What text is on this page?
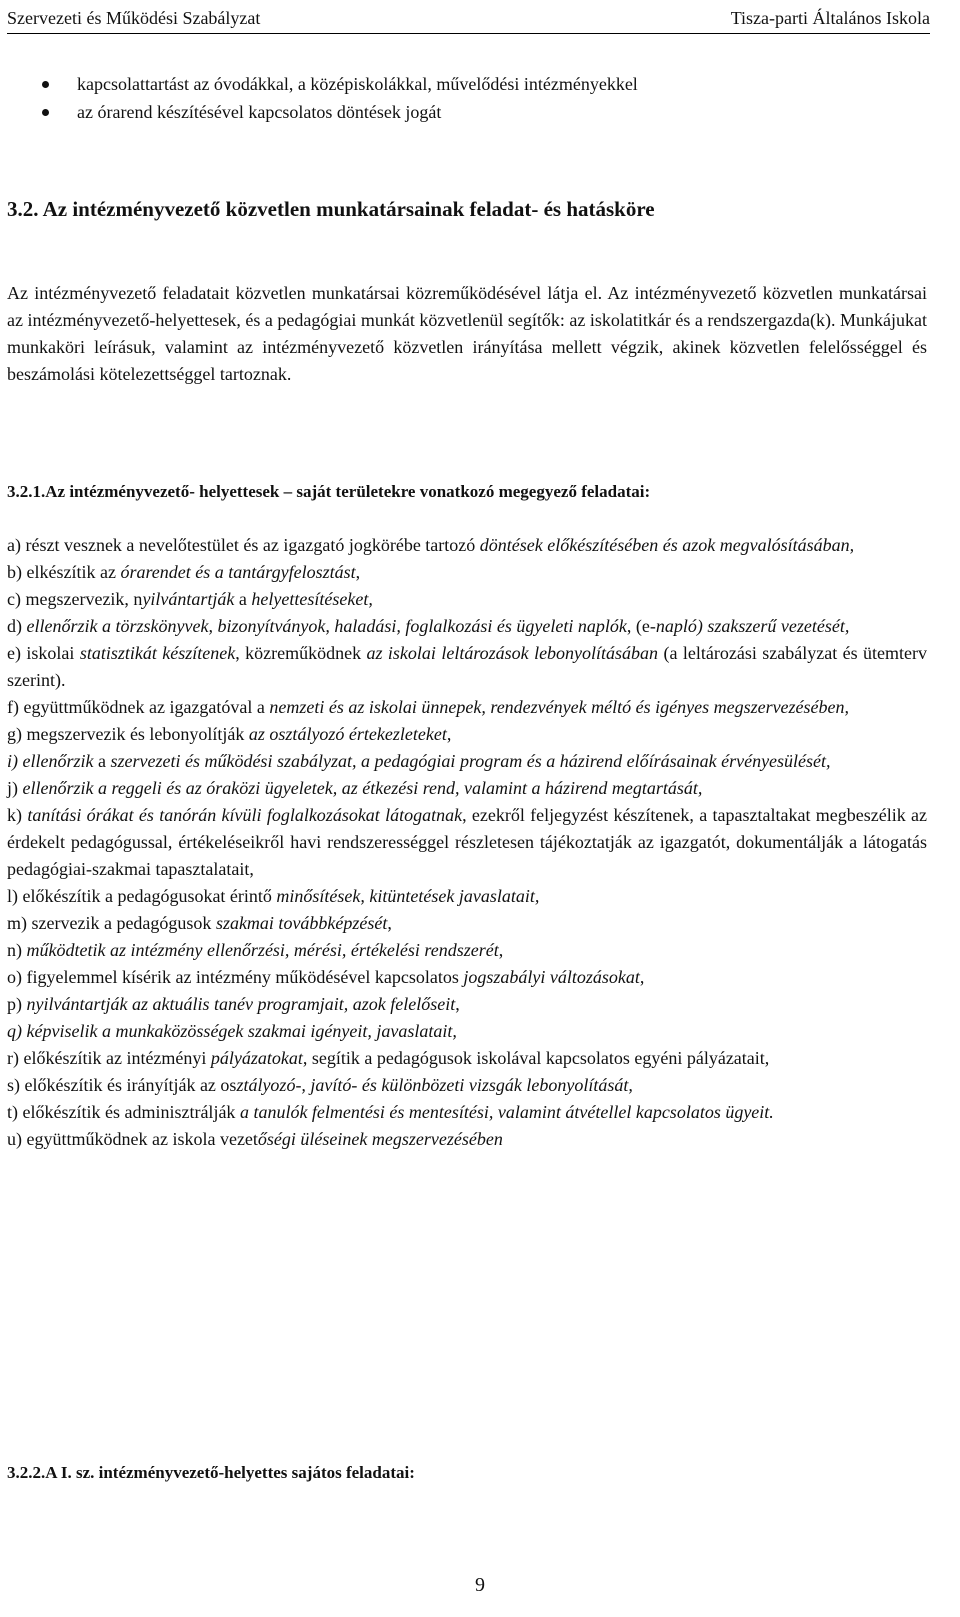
Szervezeti és Működési Szabályzat	Tisza-parti Általános Iskola
kapcsolattartást az óvodákkal, a középiskolákkal, művelődési intézményekkel
az órarend készítésével kapcsolatos döntések jogát
3.2. Az intézményvezető közvetlen munkatársainak feladat- és hatásköre
Az intézményvezető feladatait közvetlen munkatársai közreműködésével látja el. Az intézményvezető közvetlen munkatársai az intézményvezető-helyettesek, és a pedagógiai munkát közvetlenül segítők: az iskolatitkár és a rendszergazda(k). Munkájukat munkaköri leírásuk, valamint az intézményvezető közvetlen irányítása mellett végzik, akinek közvetlen felelősséggel és beszámolási kötelezettséggel tartoznak.
3.2.1.Az intézményvezető- helyettesek – saját területekre vonatkozó megegyező feladatai:
a) részt vesznek a nevelőtestület és az igazgató jogkörébe tartozó döntések előkészítésében és azok megvalósításában,
b) elkészítik az órarendet és a tantárgyfelosztást,
c) megszervezik, nyilvántartják a helyettesítéseket,
d) ellenőrzik a törzskönyvek, bizonyítványok, haladási, foglalkozási és ügyeleti naplók, (e-napló) szakszerű vezetését,
e) iskolai statisztikát készítenek, közreműködnek az iskolai leltározások lebonyolításában (a leltározási szabályzat és ütemterv szerint).
f) együttműködnek az igazgatóval a nemzeti és az iskolai ünnepek, rendezvények méltó és igényes megszervezésében,
g) megszervezik és lebonyolítják az osztályozó értekezleteket,
i) ellenőrzik a szervezeti és működési szabályzat, a pedagógiai program és a házirend előírásainak érvényesülését,
j) ellenőrzik a reggeli és az óraközi ügyeletek, az étkezési rend, valamint a házirend megtartását,
k) tanítási órákat és tanórán kívüli foglalkozásokat látogatnak, ezekről feljegyzést készítenek, a tapasztaltakat megbeszélik az érdekelt pedagógussal, értékeléseikről havi rendszerességgel részletesen tájékoztatják az igazgatót, dokumentálják a látogatás pedagógiai-szakmai tapasztalatait,
l) előkészítik a pedagógusokat érintő minősítések, kitüntetések javaslatait,
m) szervezik a pedagógusok szakmai továbbképzését,
n) működtetik az intézmény ellenőrzési, mérési, értékelési rendszerét,
o) figyelemmel kísérik az intézmény működésével kapcsolatos jogszabályi változásokat,
p) nyilvántartják az aktuális tanév programjait, azok felelőseit,
q) képviselik a munkaközösségek szakmai igényeit, javaslatait,
r) előkészítik az intézményi pályázatokat, segítik a pedagógusok iskolával kapcsolatos egyéni pályázatait,
s) előkészítik és irányítják az osztályozó-, javító- és különbözeti vizsgák lebonyolítását,
t) előkészítik és adminisztrálják a tanulók felmentési és mentesítési, valamint átvétellel kapcsolatos ügyeit.
u) együttműködnek az iskola vezetőségi üléseinek megszervezésében
3.2.2.A I. sz. intézményvezető-helyettes sajátos feladatai:
9
